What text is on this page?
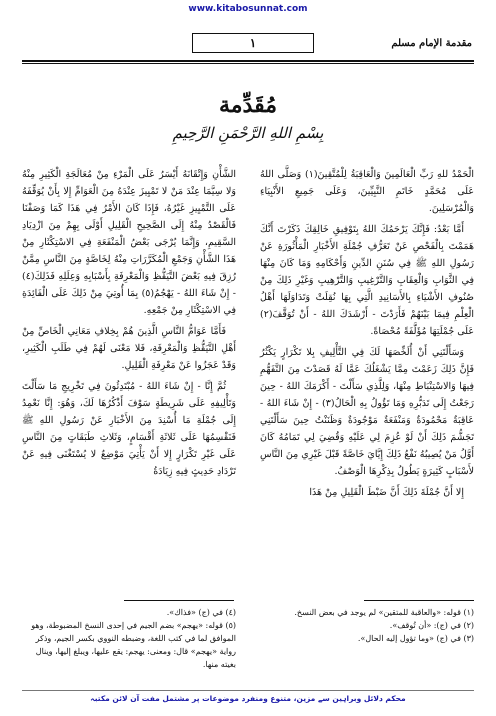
www.kitabosunnat.com
مقدمة الإمام مسلم
١
مُقَدِّمة
بِسْمِ اللهِ الرَّحْمَنِ الرَّحِيمِ

الْحَمْدُ للهِ رَبِّ الْعَالَمِينَ وَالْعَاقِبَةُ لِلْمُتَّقِينَ(١) وَصَلَّى اللهُ عَلَى مُحَمَّدٍ خَاتَمِ النَّبِيِّينَ، وَعَلَى جَمِيعِ الأَنْبِيَاءِ وَالْمُرْسَلِينَ.

أَمَّا بَعْدُ: فَإِنَّكَ يَرْحَمُكَ اللهُ بِتَوْفِيقِ خَالِقِكَ ذَكَرْتَ أَنَّكَ هَمَمْتَ بِالْفَحْصِ عَنْ تَعَرُّفِ جُمْلَةِ الأَخْبَارِ الْمَأْثُورَةِ عَنْ رَسُولِ اللهِ ﷺ فِي سُنَنِ الدِّينِ وَأَحْكَامِهِ وَمَا كَانَ مِنْهَا فِي الثَّوَابِ وَالْعِقَابِ وَالتَّرْغِيبِ وَالتَّرْهِيبِ وَغَيْرِ ذَلِكَ مِنْ صُنُوفِ الأَشْيَاءِ بِالأَسَانِيدِ الَّتِي بِهَا نُقِلَتْ وَتَدَاوَلَهَا أَهْلُ الْعِلْمِ فِيمَا بَيْنَهُمْ فَأَرَدْتَ - أَرْشَدَكَ اللهُ - أَنْ تُوَقَّفَ(٢) عَلَى جُمْلَتِهَا مُؤَلَّفَةً مُحْصَاةً.

وَسَأَلْتَنِي أَنْ أُلَخِّصَهَا لَكَ فِي التَّأْلِيفِ بِلا تَكْرَارٍ يَكْثُرُ فَإِنَّ ذَلِكَ زَعَمْتَ مِمَّا يَشْغَلُكَ عَمَّا لَهُ قَصَدْتَ مِنَ التَّفَهُّمِ فِيهَا وَالاسْتِنْبَاطِ مِنْهَا، وَلِلَّذِي سَأَلْتَ - أَكْرَمَكَ اللهُ - حِينَ رَجَعْتُ إِلَى تَدَبُّرِهِ وَمَا تَؤُولُ بِهِ الْحَالُ(٣) - إِنْ شَاءَ اللهُ - عَاقِبَةٌ مَحْمُودَةٌ وَمَنْفَعَةٌ مَوْجُودَةٌ وَظَنَنْتُ حِينَ سَأَلْتَنِي تَجَشُّمَ ذَلِكَ أَنْ لَوْ عُزِمَ لِي عَلَيْهِ وَقُضِيَ لِي تَمَامُهُ كَانَ أَوَّلُ مَنْ يُصِيبُهُ نَفْعُ ذَلِكَ إِيَّايَ خَاصَّةً قَبْلَ غَيْرِي مِنَ النَّاسِ لأَسْبَابٍ كَثِيرَةٍ يَطُولُ بِذِكْرِهَا الْوَصْفُ.

إِلا أَنَّ جُمْلَةَ ذَلِكَ أَنَّ ضَبْطَ الْقَلِيلِ مِنْ هَذَا

الشَّأْنِ وَإِتْقَانَهُ أَيْسَرُ عَلَى الْمَرْءِ مِنْ مُعَالَجَةِ الْكَثِيرِ مِنْهُ وَلا سِيَّمَا عِنْدَ مَنْ لا تَمْيِيزَ عِنْدَهُ مِنَ الْعَوَامِّ إِلا بِأَنْ يُوَقِّفَهُ عَلَى التَّمْيِيزِ غَيْرُهُ، فَإِذَا كَانَ الأَمْرُ فِي هَذَا كَمَا وَصَفْنَا فَالْقَصْدُ مِنْهُ إِلَى الصَّحِيحِ الْقَلِيلِ أَوْلَى بِهِمْ مِنَ ازْدِيَادِ السَّقِيمِ، وَإِنَّمَا يُرْجَى بَعْضُ الْمَنْفَعَةِ فِي الاسْتِكْثَارِ مِنْ هَذَا الشَّأْنِ وَجَمْعِ الْمُكَرَّرَاتِ مِنْهُ لِخَاصَّةٍ مِنَ النَّاسِ مِمَّنْ رُزِقَ فِيهِ بَعْضَ التَّيَقُّظِ وَالْمَعْرِفَةِ بِأَسْبَابِهِ وَعِلَلِهِ فَذَلِكَ(٤) - إِنْ شَاءَ اللهُ - يَهْجُمُ(٥) بِمَا أُوتِيَ مِنْ ذَلِكَ عَلَى الْفَائِدَةِ فِي الاسْتِكْثَارِ مِنْ جَمْعِهِ.

فَأَمَّا عَوَامُّ النَّاسِ الَّذِينَ هُمْ بِخِلافِ مَعَانِي الْخَاصِّ مِنْ أَهْلِ التَّيَقُّظِ وَالْمَعْرِفَةِ، فَلا مَعْنَى لَهُمْ فِي طَلَبِ الْكَثِيرِ، وَقَدْ عَجَزُوا عَنْ مَعْرِفَةِ الْقَلِيلِ.

ثُمَّ إِنَّا - إِنْ شَاءَ اللهُ - مُبْتَدِئُونَ فِي تَخْرِيجِ مَا سَأَلْتَ وَتَأْلِيفِهِ عَلَى شَرِيطَةٍ سَوْفَ أَذْكُرُهَا لَكَ، وَهُوَ: إِنَّا نَعْمِدُ إِلَى جُمْلَةِ مَا أُسْنِدَ مِنَ الأَخْبَارِ عَنْ رَسُولِ اللهِ ﷺ فَنَقْسِمُهَا عَلَى ثَلاثَةِ أَقْسَامٍ، وَثَلاثِ طَبَقَاتٍ مِنَ النَّاسِ عَلَى غَيْرِ تَكْرَارٍ إِلا أَنْ يَأْتِيَ مَوْضِعٌ لا يُسْتَغْنَى فِيهِ عَنْ تَرْدَادِ حَدِيثٍ فِيهِ زِيَادَةُ

(١) قوله: «والعاقبة للمتقين» لم يوجد في بعض النسخ.
(٢) في (ج): «أن تُوقف».
(٣) في (ج) «وما تؤول إليه الحال».
(٤) في (ج) «فذاك».
(٥) قوله: «يهجم» بضم الجيم في إحدى النسخ المضبوطة، وهو الموافق لما في كتب اللغة، وضبطه النووي بكسر الجيم، وذكر رواية «يهجم» قال: ومعنى: يهجم: يقع عليها، ويبلغ إليها، وينال بغيته منها.
محکم دلائل وبراہین سے مزین، متنوع ومنفرد موضوعات پر مشتمل مفت آن لائن مکتبہ
